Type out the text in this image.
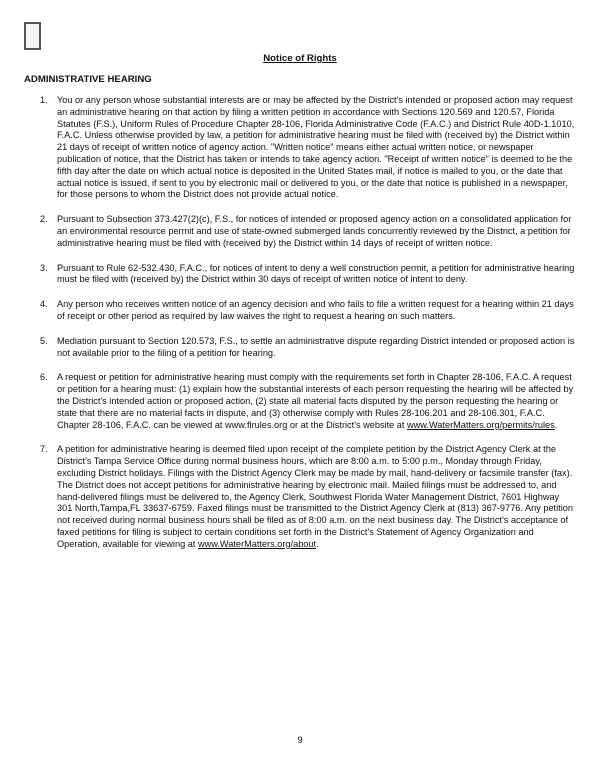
Notice of Rights
ADMINISTRATIVE HEARING
1. You or any person whose substantial interests are or may be affected by the District's intended or proposed action may request an administrative hearing on that action by filing a written petition in accordance with Sections 120.569 and 120.57, Florida Statutes (F.S.), Uniform Rules of Procedure Chapter 28-106, Florida Administrative Code (F.A.C.) and District Rule 40D-1.1010, F.A.C. Unless otherwise provided by law, a petition for administrative hearing must be filed with (received by) the District within 21 days of receipt of written notice of agency action. "Written notice" means either actual written notice, or newspaper publication of notice, that the District has taken or intends to take agency action. "Receipt of written notice" is deemed to be the fifth day after the date on which actual notice is deposited in the United States mail, if notice is mailed to you, or the date that actual notice is issued, if sent to you by electronic mail or delivered to you, or the date that notice is published in a newspaper, for those persons to whom the District does not provide actual notice.
2. Pursuant to Subsection 373.427(2)(c), F.S., for notices of intended or proposed agency action on a consolidated application for an environmental resource permit and use of state-owned submerged lands concurrently reviewed by the District, a petition for administrative hearing must be filed with (received by) the District within 14 days of receipt of written notice.
3. Pursuant to Rule 62-532.430, F.A.C., for notices of intent to deny a well construction permit, a petition for administrative hearing must be filed with (received by) the District within 30 days of receipt of written notice of intent to deny.
4. Any person who receives written notice of an agency decision and who fails to file a written request for a hearing within 21 days of receipt or other period as required by law waives the right to request a hearing on such matters.
5. Mediation pursuant to Section 120.573, F.S., to settle an administrative dispute regarding District intended or proposed action is not available prior to the filing of a petition for hearing.
6. A request or petition for administrative hearing must comply with the requirements set forth in Chapter 28-106, F.A.C. A request or petition for a hearing must: (1) explain how the substantial interests of each person requesting the hearing will be affected by the District's intended action or proposed action, (2) state all material facts disputed by the person requesting the hearing or state that there are no material facts in dispute, and (3) otherwise comply with Rules 28-106.201 and 28-106.301, F.A.C. Chapter 28-106, F.A.C. can be viewed at www.flrules.org or at the District's website at www.WaterMatters.org/permits/rules.
7. A petition for administrative hearing is deemed filed upon receipt of the complete petition by the District Agency Clerk at the District's Tampa Service Office during normal business hours, which are 8:00 a.m. to 5:00 p.m., Monday through Friday, excluding District holidays. Filings with the District Agency Clerk may be made by mail, hand-delivery or facsimile transfer (fax). The District does not accept petitions for administrative hearing by electronic mail. Mailed filings must be addressed to, and hand-delivered filings must be delivered to, the Agency Clerk, Southwest Florida Water Management District, 7601 Highway 301 North,Tampa,FL 33637-6759. Faxed filings must be transmitted to the District Agency Clerk at (813) 367-9776. Any petition not received during normal business hours shall be filed as of 8:00 a.m. on the next business day. The District's acceptance of faxed petitions for filing is subject to certain conditions set forth in the District's Statement of Agency Organization and Operation, available for viewing at www.WaterMatters.org/about.
9
